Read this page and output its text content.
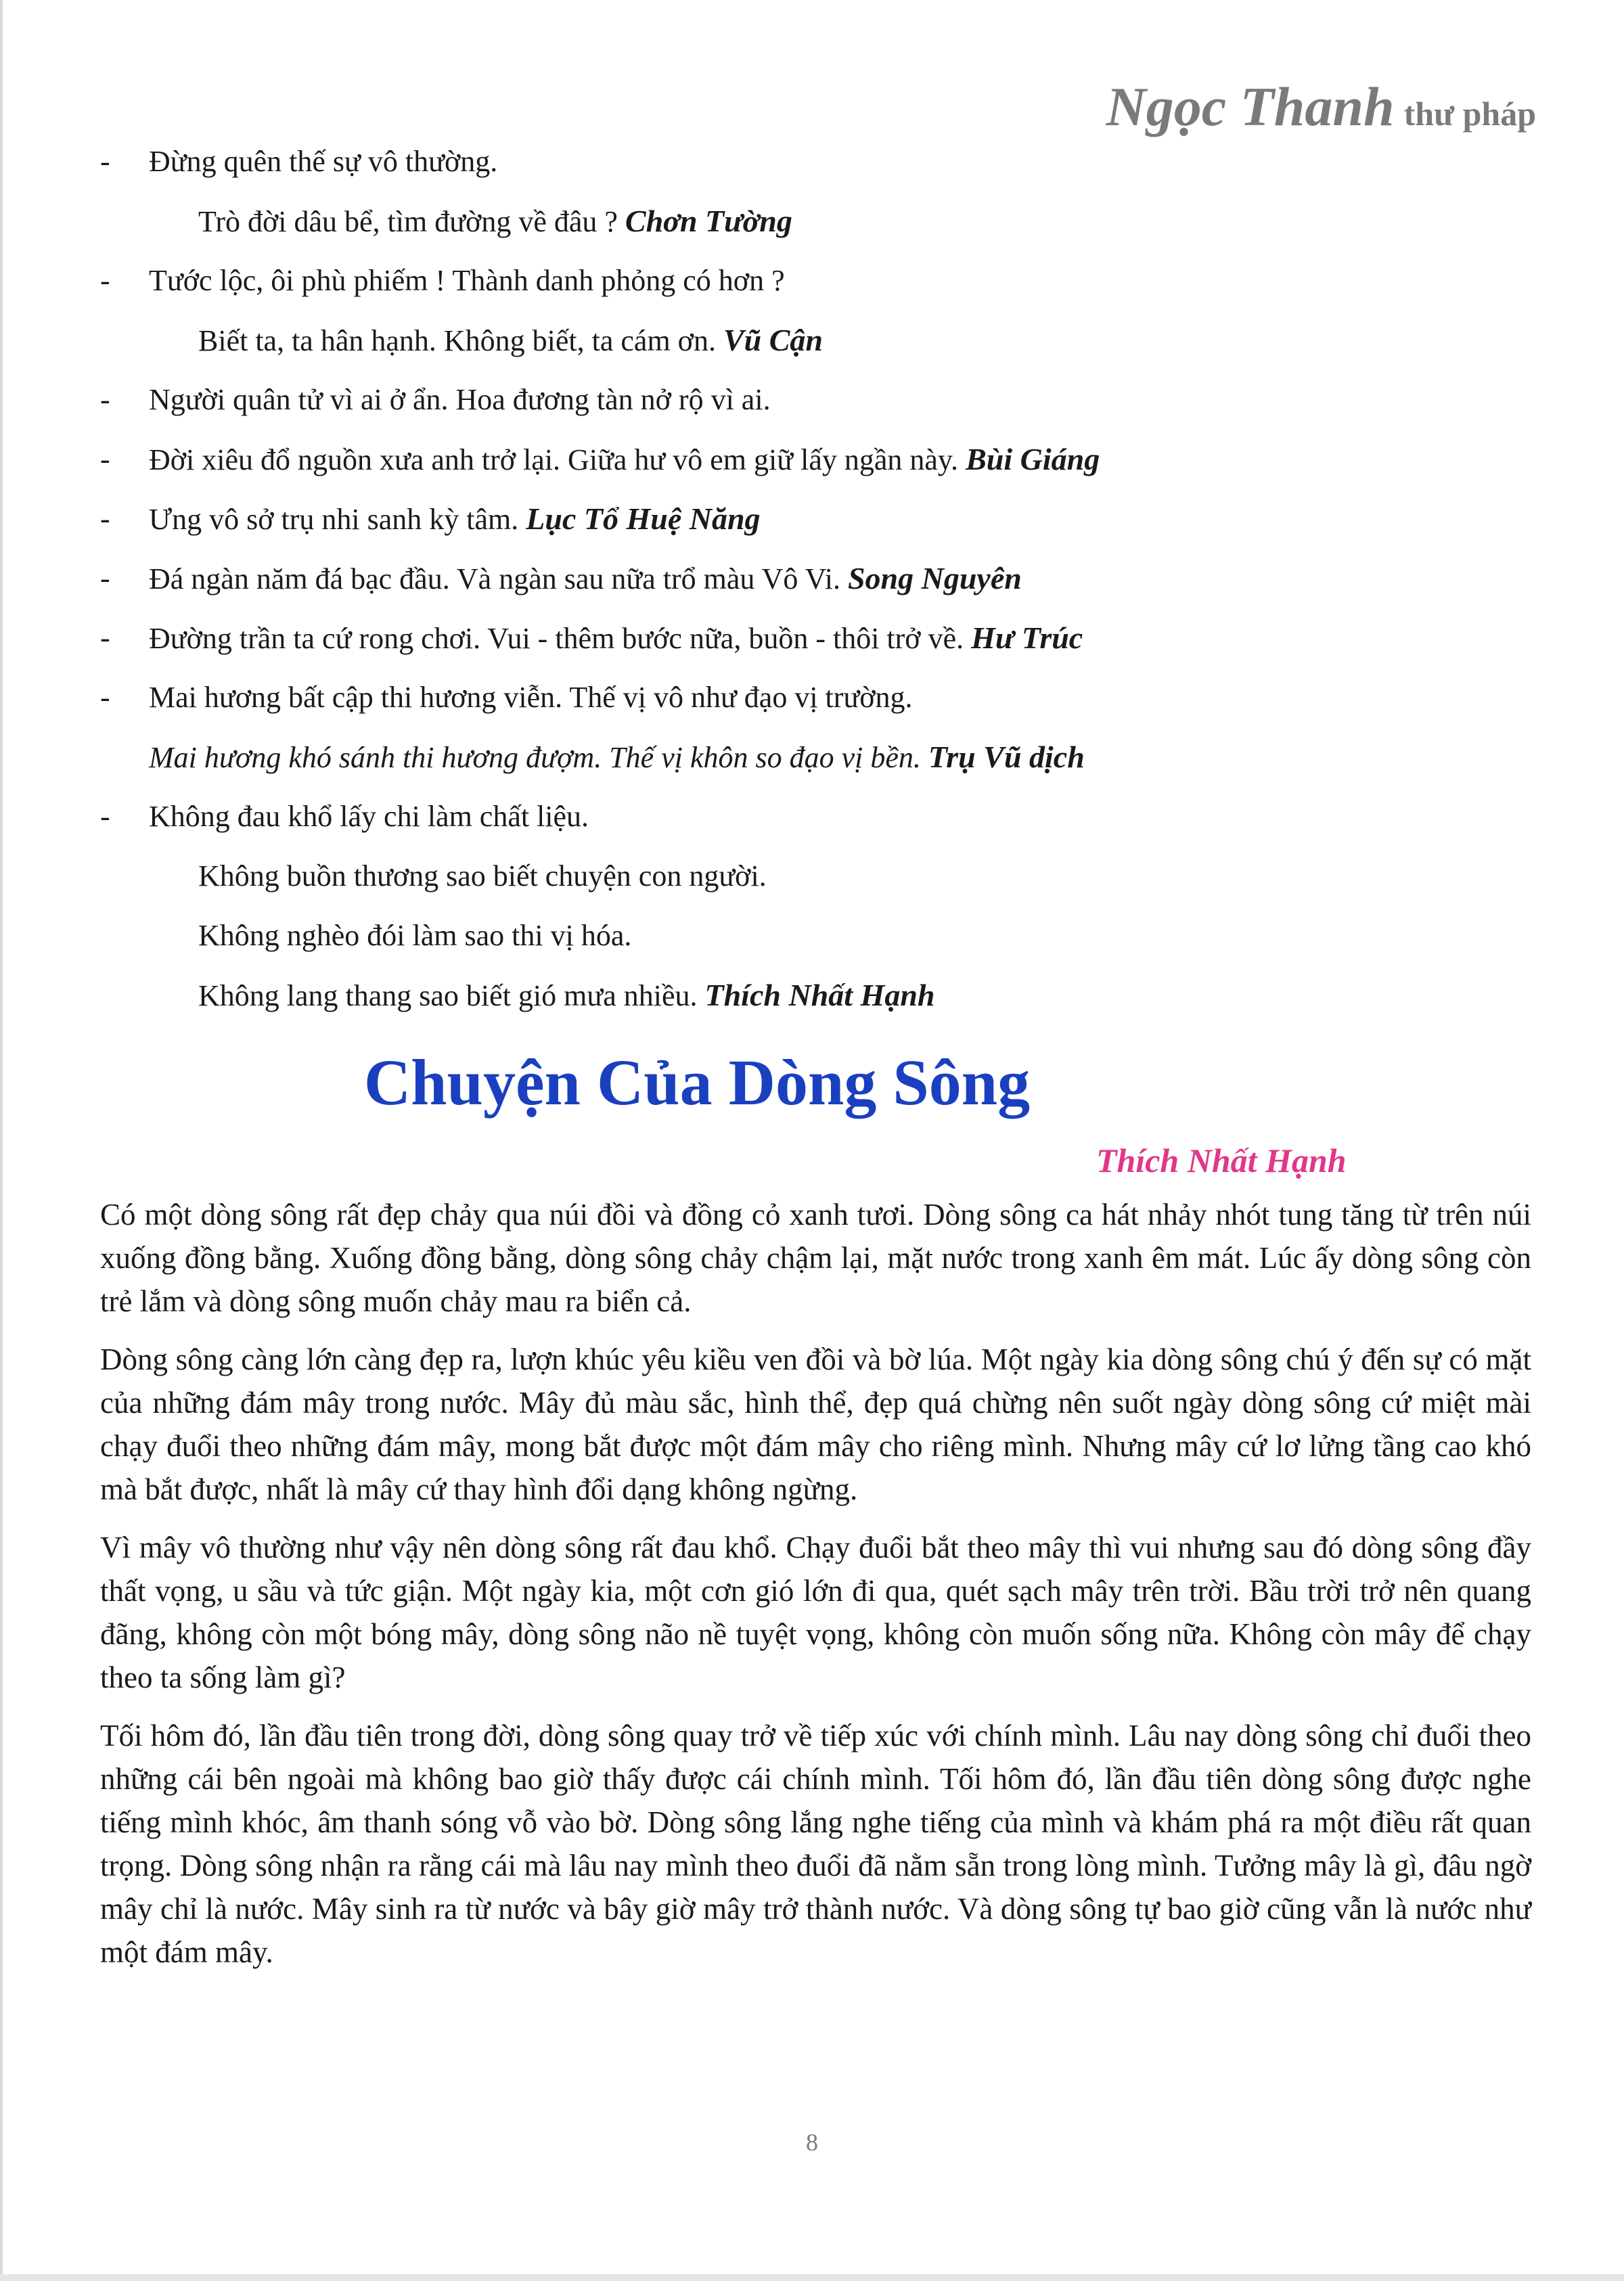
Ngọc Thanh thư pháp
-	Đừng quên thế sự vô thường.
Trò đời dâu bể, tìm đường về đâu ? Chơn Tường
-	Tước lộc, ôi phù phiếm ! Thành danh phỏng có hơn ?
Biết ta, ta hân hạnh. Không biết, ta cám ơn. Vũ Cận
-	Người quân tử vì ai ở ẩn. Hoa đương tàn nở rộ vì ai.
-	Đời xiêu đổ nguồn xưa anh trở lại. Giữa hư vô em giữ lấy ngần này. Bùi Giáng
-	Ưng vô sở trụ nhi sanh kỳ tâm. Lục Tổ Huệ Năng
-	Đá ngàn năm đá bạc đầu. Và ngàn sau nữa trổ màu Vô Vi. Song Nguyên
-	Đường trần ta cứ rong chơi. Vui - thêm bước nữa, buồn - thôi trở về. Hư Trúc
-	Mai hương bất cập thi hương viễn. Thế vị vô như đạo vị trường.
Mai hương khó sánh thi hương đượm. Thế vị khôn so đạo vị bền. Trụ Vũ dịch
-	Không đau khổ lấy chi làm chất liệu.
Không buồn thương sao biết chuyện con người.
Không nghèo đói làm sao thi vị hóa.
Không lang thang sao biết gió mưa nhiều. Thích Nhất Hạnh
Chuyện Của Dòng Sông
Thích Nhất Hạnh

Có một dòng sông rất đẹp chảy qua núi đồi và đồng cỏ xanh tươi. Dòng sông ca hát nhảy nhót tung tăng từ trên núi xuống đồng bằng. Xuống đồng bằng, dòng sông chảy chậm lại, mặt nước trong xanh êm mát. Lúc ấy dòng sông còn trẻ lắm và dòng sông muốn chảy mau ra biển cả.

Dòng sông càng lớn càng đẹp ra, lượn khúc yêu kiều ven đồi và bờ lúa. Một ngày kia dòng sông chú ý đến sự có mặt của những đám mây trong nước. Mây đủ màu sắc, hình thể, đẹp quá chừng nên suốt ngày dòng sông cứ miệt mài chạy đuổi theo những đám mây, mong bắt được một đám mây cho riêng mình. Nhưng mây cứ lơ lửng tầng cao khó mà bắt được, nhất là mây cứ thay hình đổi dạng không ngừng.

Vì mây vô thường như vậy nên dòng sông rất đau khổ. Chạy đuổi bắt theo mây thì vui nhưng sau đó dòng sông đầy thất vọng, u sầu và tức giận. Một ngày kia, một cơn gió lớn đi qua, quét sạch mây trên trời. Bầu trời trở nên quang đãng, không còn một bóng mây, dòng sông não nề tuyệt vọng, không còn muốn sống nữa. Không còn mây để chạy theo ta sống làm gì?

Tối hôm đó, lần đầu tiên trong đời, dòng sông quay trở về tiếp xúc với chính mình. Lâu nay dòng sông chỉ đuổi theo những cái bên ngoài mà không bao giờ thấy được cái chính mình. Tối hôm đó, lần đầu tiên dòng sông được nghe tiếng mình khóc, âm thanh sóng vỗ vào bờ. Dòng sông lắng nghe tiếng của mình và khám phá ra một điều rất quan trọng. Dòng sông nhận ra rằng cái mà lâu nay mình theo đuổi đã nằm sẵn trong lòng mình. Tưởng mây là gì, đâu ngờ mây chỉ là nước. Mây sinh ra từ nước và bây giờ mây trở thành nước. Và dòng sông tự bao giờ cũng vẫn là nước như một đám mây.

8
